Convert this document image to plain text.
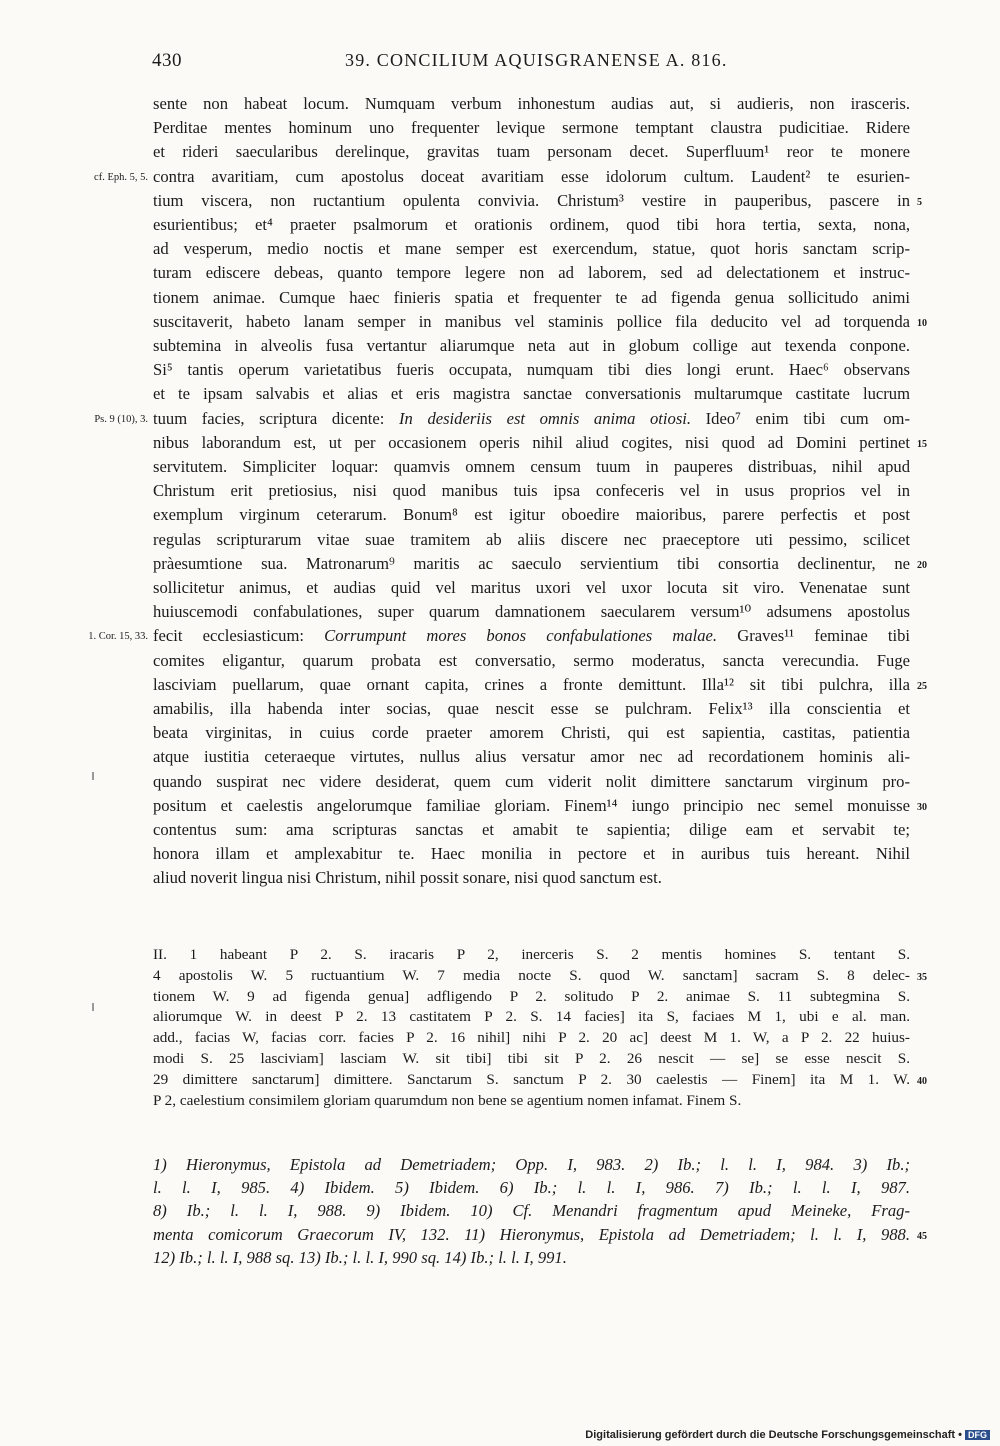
430	39. CONCILIUM AQUISGRANENSE A. 816.
sente non habeat locum. Numquam verbum inhonestum audias aut, si audieris, non irasceris.
Perditae mentes hominum uno frequenter levique sermone temptant claustra pudicitiae. Ridere
et rideri saecularibus derelinque, gravitas tuam personam decet. Superfluum¹ reor te monere
contra avaritiam, cum apostolus doceat avaritiam esse idolorum cultum. Laudent² te esurien-
tium viscera, non ructantium opulenta convivia. Christum³ vestire in pauperibus, pascere in
esurientibus; et⁴ praeter psalmorum et orationis ordinem, quod tibi hora tertia, sexta, nona,
ad vesperum, medio noctis et mane semper est exercendum, statue, quot horis sanctam scrip-
turam ediscere debeas, quanto tempore legere non ad laborem, sed ad delectationem et instruc-
tionem animae. Cumque haec finieris spatia et frequenter te ad figenda genua sollicitudo animi
suscitaverit, habeto lanam semper in manibus vel staminis pollice fila deducito vel ad torquenda
subtemina in alveolis fusa vertantur aliarumque neta aut in globum collige aut texenda conpone.
Si⁵ tantis operum varietatibus fueris occupata, numquam tibi dies longi erunt. Haec⁶ observans
et te ipsam salvabis et alias et eris magistra sanctae conversationis multarumque castitate lucrum
tuum facies, scriptura dicente: In desideriis est omnis anima otiosi. Ideo⁷ enim tibi cum om-
nibus laborandum est, ut per occasionem operis nihil aliud cogites, nisi quod ad Domini pertinet
servitutem. Simpliciter loquar: quamvis omnem censum tuum in pauperes distribuas, nihil apud
Christum erit pretiosius, nisi quod manibus tuis ipsa confeceris vel in usus proprios vel in
exemplum virginum ceterarum. Bonum⁸ est igitur oboedire maioribus, parere perfectis et post
regulas scripturarum vitae suae tramitem ab aliis discere nec praeceptore uti pessimo, scilicet
pràesumtione sua. Matronarum⁹ maritis ac saeculo servientium tibi consortia declinentur, ne
sollicitetur animus, et audias quid vel maritus uxori vel uxor locuta sit viro. Venenatae sunt
huiuscemodi confabulationes, super quarum damnationem saecularem versum¹⁰ adsumens apostolus
fecit ecclesiasticum: Corrumpunt mores bonos confabulationes malae. Graves¹¹ feminae tibi
comites eligantur, quarum probata est conversatio, sermo moderatus, sancta verecundia. Fuge
lasciviam puellarum, quae ornant capita, crines a fronte demittunt. Illa¹² sit tibi pulchra, illa
amabilis, illa habenda inter socias, quae nescit esse se pulchram. Felix¹³ illa conscientia et
beata virginitas, in cuius corde praeter amorem Christi, qui est sapientia, castitas, patientia
atque iustitia ceteraeque virtutes, nullus alius versatur amor nec ad recordationem hominis ali-
quando suspirat nec videre desiderat, quem cum viderit nolit dimittere sanctarum virginum pro-
positum et caelestis angelorumque familiae gloriam. Finem¹⁴ iungo principio nec semel monuisse
contentus sum: ama scripturas sanctas et amabit te sapientia; dilige eam et servabit te;
honora illam et amplexabitur te. Haec monilia in pectore et in auribus tuis hereant. Nihil
aliud noverit lingua nisi Christum, nihil possit sonare, nisi quod sanctum est.
II. 1 habeant P 2. S. iracaris P 2, inerceris S. 2 mentis homines S. tentant S.
4 apostolis W. 5 ructuantium W. 7 media nocte S. quod W. sanctam] sacram S. 8 delec-
tionem W. 9 ad figenda genua] adfligendo P 2. solitudo P 2. animae S. 11 subtegmina S.
aliorumque W. in deest P 2. 13 castitatem P 2. S. 14 facies] ita S, faciaes M 1, ubi e al. man.
add., facias W, facias corr. facies P 2. 16 nihil] nihi P 2. 20 ac] deest M 1. W, a P 2. 22 huius-
modi S. 25 lasciviam] lasciam W. sit tibi] tibi sit P 2. 26 nescit — se] se esse nescit S.
29 dimittere sanctarum] dimittere. Sanctarum S. sanctum P 2. 30 caelestis — Finem] ita M 1. W.
P 2, caelestium consimilem gloriam quarumdum non bene se agentium nomen infamat. Finem S.
1) Hieronymus, Epistola ad Demetriadem; Opp. I, 983. 2) Ib.; l. l. I, 984. 3) Ib.;
l. l. I, 985. 4) Ibidem. 5) Ibidem. 6) Ib.; l. l. I, 986. 7) Ib.; l. l. I, 987.
8) Ib.; l. l. I, 988. 9) Ibidem. 10) Cf. Menandri fragmentum apud Meineke, Frag-
menta comicorum Graecorum IV, 132. 11) Hieronymus, Epistola ad Demetriadem; l. l. I, 988.
12) Ib.; l. l. I, 988 sq. 13) Ib.; l. l. I, 990 sq. 14) Ib.; l. l. I, 991.
Digitalisierung gefördert durch die Deutsche Forschungsgemeinschaft • DFG
5
10
15
20
25
30
cf. Eph. 5, 5.
Ps. 9 (10), 3.
1. Cor. 15, 33.
35
40
45
